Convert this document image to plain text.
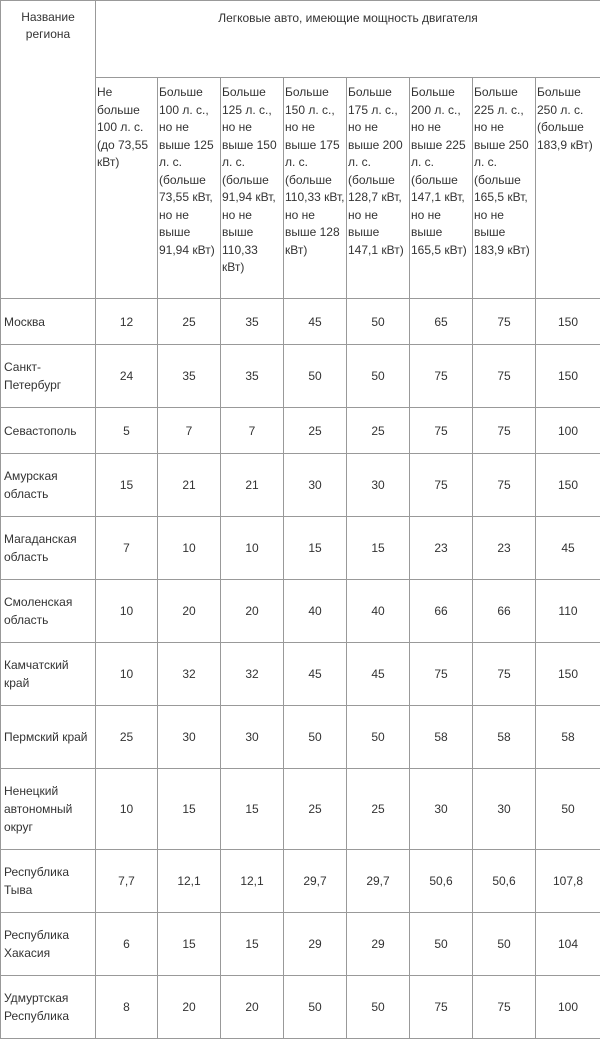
Название региона	Легковые авто, имеющие мощность двигателя							
	Не больше 100 л. с. (до 73,55 кВт)	Больше 100 л. с., но не выше 125 л. с. (больше 73,55 кВт, но не выше 91,94 кВт)	Больше 125 л. с., но не выше 150 л. с. (больше 91,94 кВт, но не выше 110,33 кВт)	Больше 150 л. с., но не выше 175 л. с. (больше 110,33 кВт, но не выше 128 кВт)	Больше 175 л. с., но не выше 200 л. с. (больше 128,7 кВт, но не выше 147,1 кВт)	Больше 200 л. с., но не выше 225 л. с. (больше 147,1 кВт, но не выше 165,5 кВт)	Больше 225 л. с., но не выше 250 л. с. (больше 165,5 кВт, но не выше 183,9 кВт)	Больше 250 л. с. (больше 183,9 кВт)
Москва	12	25	35	45	50	65	75	150
Санкт-Петербург	24	35	35	50	50	75	75	150
Севастополь	5	7	7	25	25	75	75	100
Амурская область	15	21	21	30	30	75	75	150
Магаданская область	7	10	10	15	15	23	23	45
Смоленская область	10	20	20	40	40	66	66	110
Камчатский край	10	32	32	45	45	75	75	150
Пермский край	25	30	30	50	50	58	58	58
Ненецкий автономный округ	10	15	15	25	25	30	30	50
Республика Тыва	7,7	12,1	12,1	29,7	29,7	50,6	50,6	107,8
Республика Хакасия	6	15	15	29	29	50	50	104
Удмуртская Республика	8	20	20	50	50	75	75	100
